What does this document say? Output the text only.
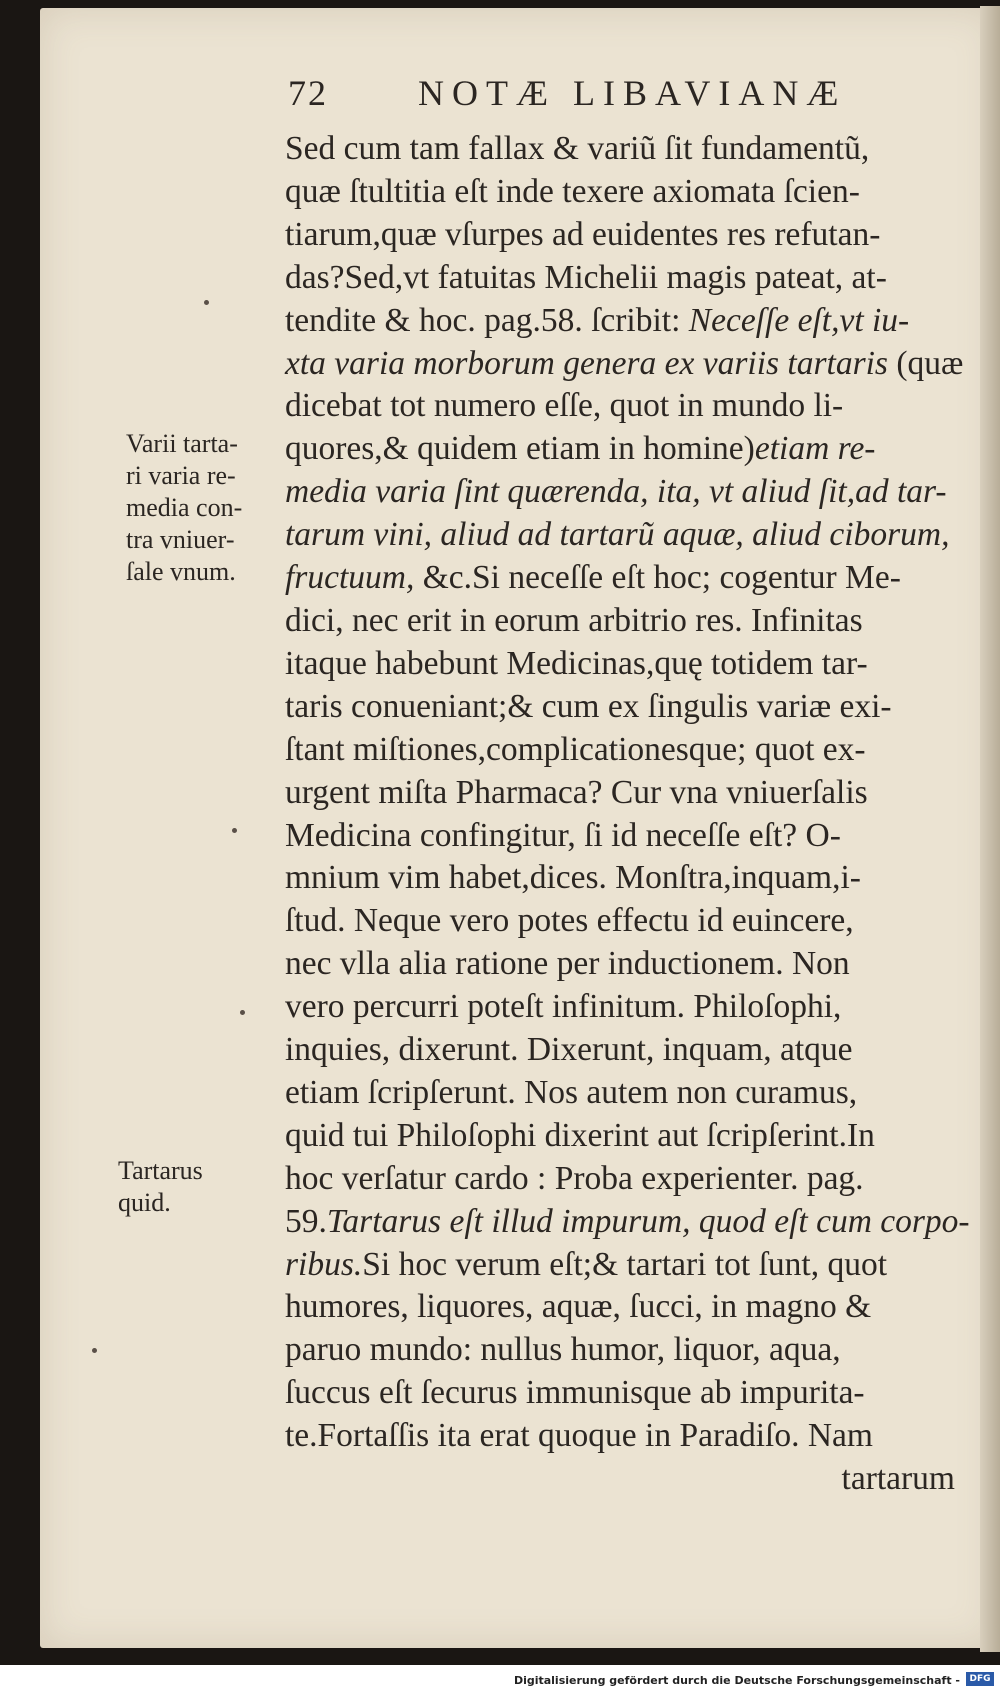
72	NOTÆ LIBAVIANÆ
Sed cum tam fallax & variũ ſit fundamentũ,
quæ ſtultitia eſt inde texere axiomata ſcien-
tiarum,quæ vſurpes ad euidentes res refutan-
das?Sed,vt fatuitas Michelii magis pateat, at-
tendite & hoc. pag.58. ſcribit: Neceſſe eſt,vt iu-
xta varia morborum genera ex variis tartaris (quæ
dicebat tot numero eſſe, quot in mundo li-
quores,& quidem etiam in homine)etiam re-
media varia ſint quærenda, ita, vt aliud ſit,ad tar-
tarum vini, aliud ad tartarũ aquæ, aliud ciborum,
fructuum, &c.Si neceſſe eſt hoc; cogentur Me-
dici, nec erit in eorum arbitrio res. Infinitas
itaque habebunt Medicinas,quę totidem tar-
taris conueniant;& cum ex ſingulis variæ exi-
ſtant miſtiones,complicationesque; quot ex-
urgent miſta Pharmaca? Cur vna vniuerſalis
Medicina confingitur, ſi id neceſſe eſt? O-
mnium vim habet,dices. Monſtra,inquam,i-
ſtud. Neque vero potes effectu id euincere,
nec vlla alia ratione per inductionem. Non
vero percurri poteſt infinitum. Philoſophi,
inquies, dixerunt. Dixerunt, inquam, atque
etiam ſcripſerunt. Nos autem non curamus,
quid tui Philoſophi dixerint aut ſcripſerint.In
hoc verſatur cardo : Proba experienter. pag.
59.Tartarus eſt illud impurum, quod eſt cum corpo-
ribus.Si hoc verum eſt;& tartari tot ſunt, quot
humores, liquores, aquæ, ſucci, in magno &
paruo mundo: nullus humor, liquor, aqua,
ſuccus eſt ſecurus immunisque ab impurita-
te.Fortaſſis ita erat quoque in Paradiſo. Nam
tartarum
Varii tarta-
ri varia re-
media con-
tra vniuer-
ſale vnum.
Tartarus
quid.
Digitalisierung gefördert durch die Deutsche Forschungsgemeinschaft -	DFG
